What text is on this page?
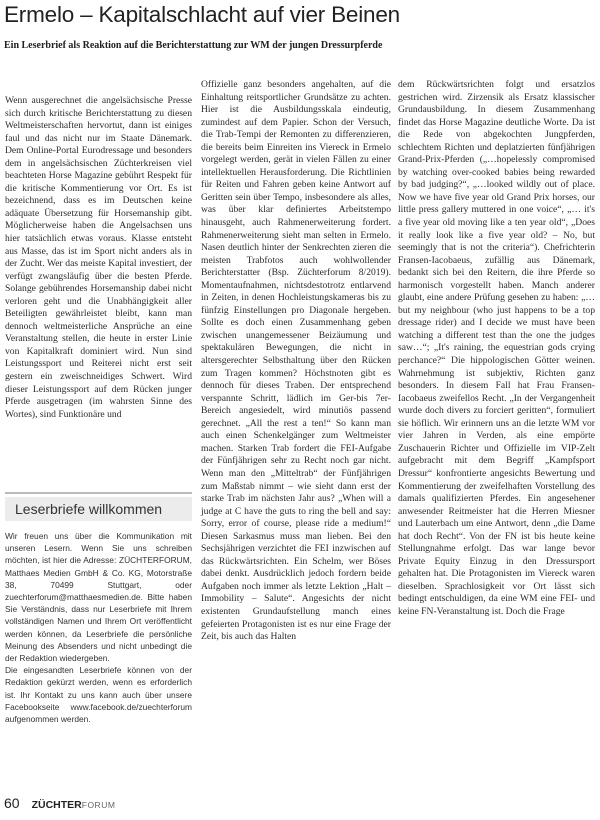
Ermelo – Kapitalschlacht auf vier Beinen
Ein Leserbrief als Reaktion auf die Berichterstattung zur WM der jungen Dressurpferde

Wenn ausgerechnet die angelsächsische Presse sich durch kritische Berichterstattung zu diesen Weltmeisterschaften hervortut, dann ist einiges faul und das nicht nur im Staate Dänemark. Dem Online-Portal Eurodressage und besonders dem in angelsächsischen Züchterkreisen viel beachteten Horse Magazine gebührt Respekt für die kritische Kommentierung vor Ort. Es ist bezeichnend, dass es im Deutschen keine adäquate Übersetzung für Horsemanship gibt. Möglicherweise haben die Angelsachsen uns hier tatsächlich etwas voraus. Klasse entsteht aus Masse, das ist im Sport nicht anders als in der Zucht. Wer das meiste Kapital investiert, der verfügt zwangsläufig über die besten Pferde. Solange gebührendes Horsemanship dabei nicht verloren geht und die Unabhängigkeit aller Beteiligten gewährleistet bleibt, kann man dennoch weltmeisterliche Ansprüche an eine Veranstaltung stellen, die heute in erster Linie von Kapitalkraft dominiert wird. Nun sind Leistungssport und Reiterei nicht erst seit gestern ein zweischneidiges Schwert. Wird dieser Leistungssport auf dem Rücken junger Pferde ausgetragen (im wahrsten Sinne des Wortes), sind Funktionäre und

Leserbriefe willkommen

Wir freuen uns über die Kommunikation mit unseren Lesern. Wenn Sie uns schreiben möchten, ist hier die Adresse: ZÜCHTERFORUM, Matthaes Medien GmbH & Co. KG, Motorstraße 38, 70499 Stuttgart, oder zuechterforum@matthaesmedien.de. Bitte haben Sie Verständnis, dass nur Leserbriefe mit Ihrem vollständigen Namen und Ihrem Ort veröffentlicht werden können, da Leserbriefe die persönliche Meinung des Absenders und nicht unbedingt die der Redaktion wiedergeben.

Die eingesandten Leserbriefe können von der Redaktion gekürzt werden, wenn es erforderlich ist. Ihr Kontakt zu uns kann auch über unsere Facebookseite www.facebook.de/zuechterforum aufgenommen werden.

Offizielle ganz besonders angehalten, auf die Einhaltung reitsportlicher Grundsätze zu achten. Hier ist die Ausbildungsskala eindeutig, zumindest auf dem Papier. Schon der Versuch, die Trab-Tempi der Remonten zu differenzieren, die bereits beim Einreiten ins Viereck in Ermelo vorgelegt werden, gerät in vielen Fällen zu einer intellektuellen Herausforderung. Die Richtlinien für Reiten und Fahren geben keine Antwort auf Geritten sein über Tempo, insbesondere als alles, was über klar definiertes Arbeitstempo hinausgeht, auch Rahmenerweiterung fordert. Rahmenerweiterung sieht man selten in Ermelo. Nasen deutlich hinter der Senkrechten zieren die meisten Trabfotos auch wohlwollender Berichterstatter (Bsp. Züchterforum 8/2019). Momentaufnahmen, nichtsdestotrotz entlarvend in Zeiten, in denen Hochleistungskameras bis zu fünfzig Einstellungen pro Diagonale hergeben. Sollte es doch einen Zusammenhang geben zwischen unangemessener Beizäumung und spektakulären Bewegungen, die nicht in altersgerechter Selbsthaltung über den Rücken zum Tragen kommen? Höchstnoten gibt es dennoch für dieses Traben. Der entsprechend verspannte Schritt, lädlich im Ger-bis 7er-Bereich angesiedelt, wird minutiös passend gerechnet. „All the rest a ten!“ So kann man auch einen Schenkelgänger zum Weltmeister machen. Starken Trab fordert die FEI-Aufgabe der Fünfjährigen sehr zu Recht noch gar nicht. Wenn man den „Mitteltrab“ der Fünfjährigen zum Maßstab nimmt – wie sieht dann erst der starke Trab im nächsten Jahr aus? „When will a judge at C have the guts to ring the bell and say: Sorry, error of course, please ride a medium!“ Diesen Sarkasmus muss man lieben. Bei den Sechsjährigen verzichtet die FEI inzwischen auf das Rückwärtsrichten. Ein Schelm, wer Böses dabei denkt. Ausdrücklich jedoch fordern beide Aufgaben noch immer als letzte Lektion „Halt – Immobility – Salute“. Angesichts der nicht existenten Grundaufstellung manch eines gefeierten Protagonisten ist es nur eine Frage der Zeit, bis auch das Halten

dem Rückwärtsrichten folgt und ersatzlos gestrichen wird. Zirzensik als Ersatz klassischer Grundausbildung. In diesem Zusammenhang findet das Horse Magazine deutliche Worte. Da ist die Rede von abgekochten Jungpferden, schlechtem Richten und deplatzierten fünfjährigen Grand-Prix-Pferden („…hopelessly compromised by watching over-cooked babies being rewarded by bad judging?“, „…looked wildly out of place. Now we have five year old Grand Prix horses, our little press gallery muttered in one voice“, „… it's a five year old moving like a ten year old“, „Does it really look like a five year old? – No, but seemingly that is not the criteria“). Chefrichterin Fransen-Iacobaeus, zufällig aus Dänemark, bedankt sich bei den Reitern, die ihre Pferde so harmonisch vorgestellt haben. Manch anderer glaubt, eine andere Prüfung gesehen zu haben: „…but my neighbour (who just happens to be a top dressage rider) and I decide we must have been watching a different test than the one the judges saw…“; „It's raining, the equestrian gods crying perchance?“ Die hippologischen Götter weinen. Wahrnehmung ist subjektiv, Richten ganz besonders. In diesem Fall hat Frau Fransen-Iacobaeus zweifellos Recht. „In der Vergangenheit wurde doch divers zu forciert geritten“, formuliert sie höflich. Wir erinnern uns an die letzte WM vor vier Jahren in Verden, als eine empörte Zuschauerin Richter und Offizielle im VIP-Zelt aufgebracht mit dem Begriff „Kampfsport Dressur“ konfrontierte angesichts Bewertung und Kommentierung der zweifelhaften Vorstellung des damals qualifizierten Pferdes. Ein angesehener anwesender Reitmeister hat die Herren Miesner und Lauterbach um eine Antwort, denn „die Dame hat doch Recht“. Von der FN ist bis heute keine Stellungnahme erfolgt. Das war lange bevor Private Equity Einzug in den Dressursport gehalten hat. Die Protagonisten im Viereck waren dieselben. Sprachlosigkeit vor Ort lässt sich bedingt entschuldigen, da eine WM eine FEI- und keine FN-Veranstaltung ist. Doch die Frage

60 ZÜCHTERFORUM
